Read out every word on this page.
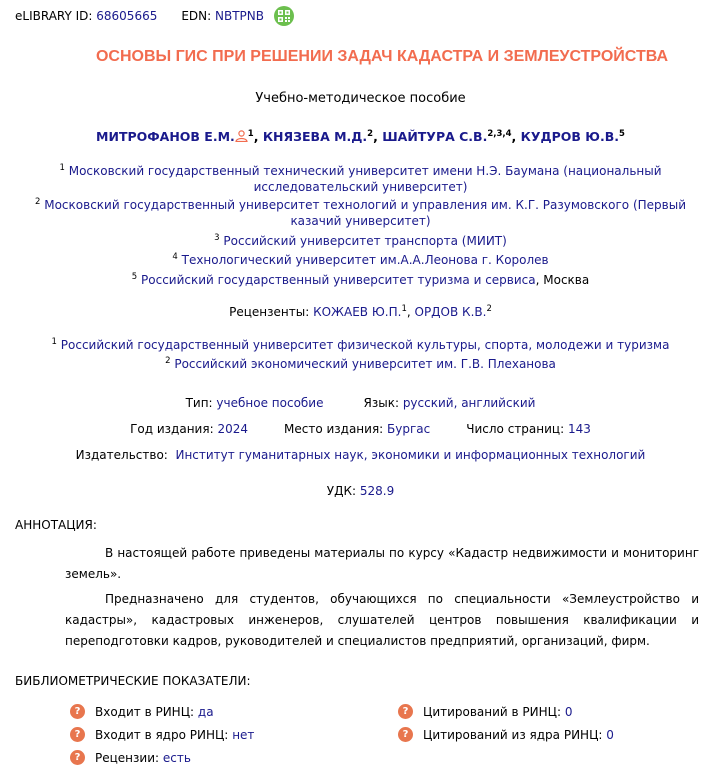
eLIBRARY ID: 68605665 EDN: NBTPNB
ОСНОВЫ ГИС ПРИ РЕШЕНИИ ЗАДАЧ КАДАСТРА И ЗЕМЛЕУСТРОЙСТВА
Учебно-методическое пособие
МИТРОФАНОВ Е.М. $^1$, КНЯЗЕВА М.Д.$^2$, ШАЙТУРА С.В.$^{2,3,4}$, КУДРОВ Ю.В.$^5$
$^1$ Московский государственный технический университет имени Н.Э. Баумана (национальный
исследовательский университет)
$^2$ Московский государственный университет технологий и управления им. К.Г. Разумовского (Первый
казачий университет)
$^3$ Российский университет транспорта (МИИТ)
$^4$ Технологический университет им.А.А.Леонова г. Королев
$^5$ Российский государственный университет туризма и сервиса, Москва
Рецензенты: КОЖАЕВ Ю.П.$^1$, ОРДОВ К.В.$^2$
$^1$ Российский государственный университет физической культуры, спорта, молодежи и туризма
$^2$ Российский экономический университет им. Г.В. Плеханова
Тип: учебное пособие	Язык: русский, английский
Год издания: 2024	Место издания: Бургас	Число страниц: 143
Издательство: Институт гуманитарных наук, экономики и информационных технологий
УДК: 528.9
АННОТАЦИЯ:
В настоящей работе приведены материалы по курсу «Кадастр недвижимости и мониторинг земель».
Предназначено для студентов, обучающихся по специальности «Землеустройство и кадастры», кадастровых инженеров, слушателей центров повышения квалификации и переподготовки кадров, руководителей и специалистов предприятий, организаций, фирм.
БИБЛИОМЕТРИЧЕСКИЕ ПОКАЗАТЕЛИ:
?	Входит в РИНЦ:
да
?	Входит в ядро РИНЦ:
нет
?	Рецензии:
есть
?	Цитирований в РИНЦ:
0
?	Цитирований из ядра РИНЦ:
0
